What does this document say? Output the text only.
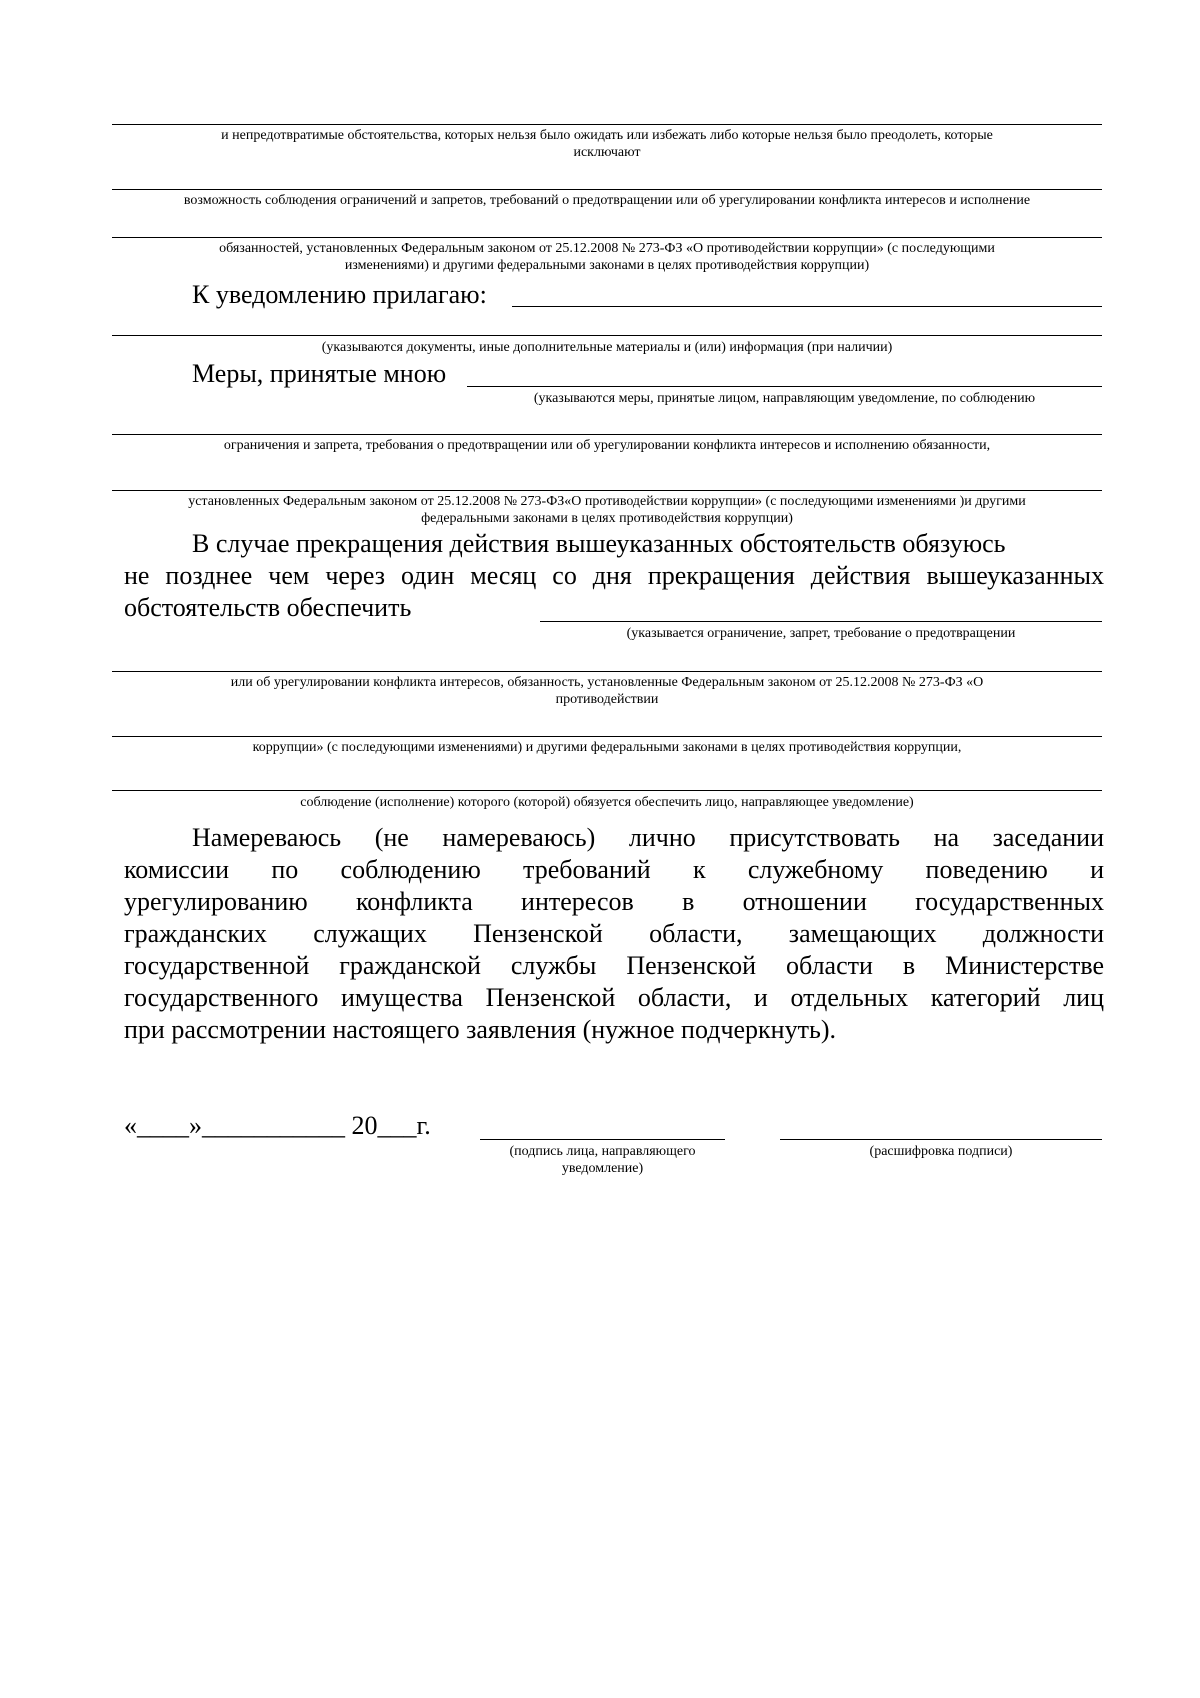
и непредотвратимые обстоятельства, которых нельзя было ожидать или избежать либо которые нельзя было преодолеть, которые
исключают
возможность соблюдения ограничений и запретов, требований о предотвращении или об урегулировании конфликта интересов и исполнение
обязанностей, установленных Федеральным законом от 25.12.2008 № 273-ФЗ «О противодействии коррупции» (с последующими
изменениями) и другими федеральными законами в целях противодействия коррупции)
К уведомлению прилагаю:
(указываются документы, иные дополнительные материалы и (или) информация (при наличии)
Меры, принятые мною
(указываются меры, принятые лицом, направляющим уведомление, по соблюдению
ограничения и запрета, требования о предотвращении или об урегулировании конфликта интересов и исполнению обязанности,
установленных Федеральным законом от 25.12.2008 № 273-ФЗ«О противодействии коррупции» (с последующими изменениями )и другими
федеральными законами в целях противодействия коррупции)
В случае прекращения действия вышеуказанных обстоятельств обязуюсь
не позднее чем через один месяц со дня прекращения действия вышеуказанных
обстоятельств обеспечить
(указывается ограничение, запрет, требование о предотвращении
или об урегулировании конфликта интересов, обязанность, установленные Федеральным законом от 25.12.2008 № 273-ФЗ «О
противодействии
коррупции» (с последующими изменениями) и другими федеральными законами в целях противодействия коррупции,
соблюдение (исполнение) которого (которой) обязуется обеспечить лицо, направляющее уведомление)
Намереваюсь (не намереваюсь) лично присутствовать на заседании
комиссии по соблюдению требований к служебному поведению и
урегулированию конфликта интересов в отношении государственных
гражданских служащих Пензенской области, замещающих должности
государственной гражданской службы Пензенской области в Министерстве
государственного имущества Пензенской области, и отдельных категорий лиц
при рассмотрении настоящего заявления (нужное подчеркнуть).
«____»___________ 20___г.
(подпись лица, направляющего уведомление)
(расшифровка подписи)
